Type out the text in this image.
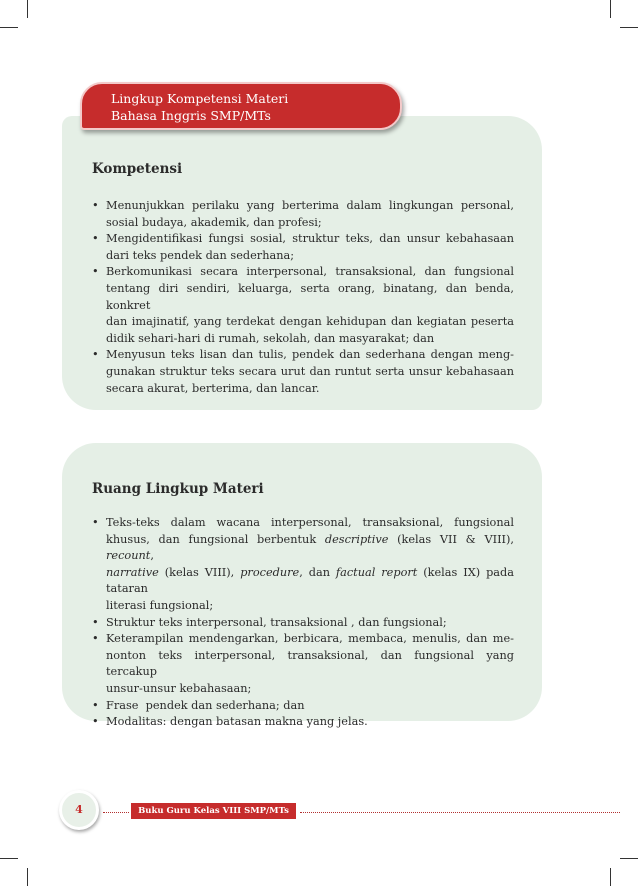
Lingkup Kompetensi Materi
Bahasa Inggris SMP/MTs
Kompetensi
• Menunjukkan perilaku yang berterima dalam lingkungan personal,
sosial budaya, akademik, dan profesi;
• Mengidentifikasi fungsi sosial, struktur teks, dan unsur kebahasaan
dari teks pendek dan sederhana;
• Berkomunikasi secara interpersonal, transaksional, dan fungsional
tentang diri sendiri, keluarga, serta orang, binatang, dan benda, konkret
dan imajinatif, yang terdekat dengan kehidupan dan kegiatan peserta
didik sehari-hari di rumah, sekolah, dan masyarakat; dan
• Menyusun teks lisan dan tulis, pendek dan sederhana dengan meng-
gunakan struktur teks secara urut dan runtut serta unsur kebahasaan
secara akurat, berterima, dan lancar.
Ruang Lingkup Materi
• Teks-teks dalam wacana interpersonal, transaksional, fungsional
khusus, dan fungsional berbentuk descriptive (kelas VII & VIII), recount,
narrative (kelas VIII), procedure, dan factual report (kelas IX) pada tataran
literasi fungsional;
• Struktur teks interpersonal, transaksional , dan fungsional;
• Keterampilan mendengarkan, berbicara, membaca, menulis, dan me-
nonton teks interpersonal, transaksional, dan fungsional yang tercakup
unsur-unsur kebahasaan;
• Frase  pendek dan sederhana; dan
• Modalitas: dengan batasan makna yang jelas.
4	Buku Guru Kelas VIII SMP/MTs
